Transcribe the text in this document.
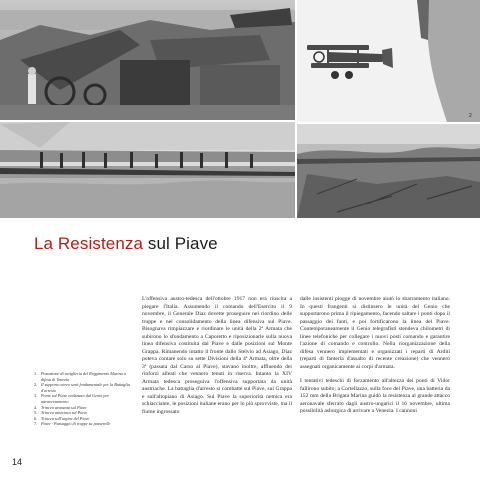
2
La Resistenza sul Piave
1. Postazione di artiglieria del Reggimento Marina a difesa di Venezia
2. Il supporto aereo sarà fondamentale per la Battaglia d'arresto
3. Ponte sul Piave realizzato dal Genio per attraversamento
4. Trincea avanzata sul Piave
5. Trincea austriaca sul Piave
6. Trincea sull'argine del Piave
7. Piave - Passaggio di truppe su passerelle

L'offensiva austro-tedesca dell'ottobre 1917 non era riuscita a piegare l'Italia. Assumendo il comando dell'Esercito il 9 novembre, il Generale Diaz dovette proseguire nel riordino delle truppe e nel consolidamento della linea difensiva sul Piave. Bisognava rimpiazzare e riordinare le unità della 2ª Armata che subirono lo sfondamento a Caporetto e riposizionarle sulla nuova linea difensiva costituita dal Piave e dalle posizioni sul Monte Grappa. Rimanendo intatto il fronte dallo Stelvio ad Asiago, Diaz poteva contare solo su sette Divisioni della 4ª Armata, oltre della 3ª (passata dal Carso al Piave), stavano inoltre, affluendo dei rinforzi alleati che vennero tenuti in riserva. Intanto la XIV Armata tedesca proseguiva l'offensiva supportata da unità austriache. La battaglia d'arresto si combatté sul Piave, sul Grappa e sull'altopiano di Asiago. Sul Piave la superiorità nemica era schiacciante, le posizioni italiane erano per lo più sprovviste, ma il fiume ingrossato

dalle insistenti piogge di novembre aiutò lo sbarramento italiano. In questi frangenti si distinsero le unità del Genio che supportarono prima il ripiegamento, facendo saltare i ponti dopo il passaggio dei fanti, e poi fortificarono la linea del Piave. Contemporaneamente il Genio telegrafisti stendeva chilometri di linee telefoniche per collegare i nuovi posti comando e garantire l'azione di comando e controllo. Nella riorganizzazione della difesa vennero implementati e organizzati i reparti di Arditi (reparti di fanteria d'assalto di recente creazione) che vennero assegnati organicamente ai corpi d'armata.

I tentativi tedeschi di forzamento all'altezza dei ponti di Vidor fallirono subito; a Cortellazzo, sulla foce del Piave, una batteria da 152 mm della Brigata Marina guidò la resistenza al grande attacco aeronavale sferrato dagli austro-ungarici il 16 novembre, ultima possibilità asburgica di arrivare a Venezia. I cannoni

14
